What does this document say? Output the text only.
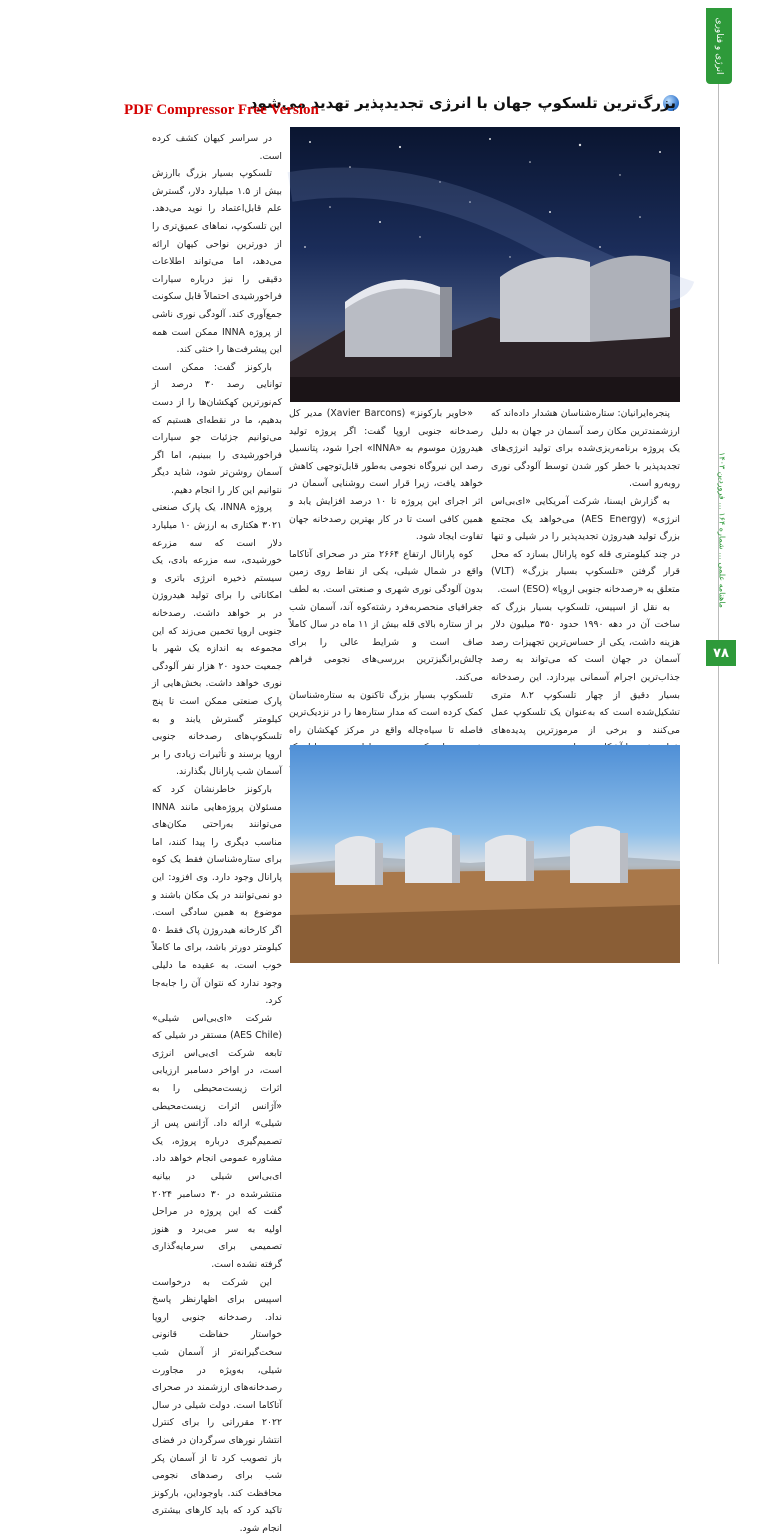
انرژی و فناوری
ماهنامه علمی ... شماره ۱۶۴ ... فروردین ۱۴۰۳
۷۸
بزرگ‌ترین تلسکوپ جهان با انرژی تجدیدپذیر تهدید می‌شود
PDF Compressor Free Version

پنجره‌ایرانیان: ستاره‌شناسان هشدار داده‌اند که ارزشمندترین مکان رصد آسمان در جهان به دلیل یک پروژه برنامه‌ریزی‌شده برای تولید انرژی‌های تجدیدپذیر با خطر کور شدن توسط آلودگی نوری روبه‌رو است.

به گزارش ایسنا، شرکت آمریکایی «ای‌بی‌اس انرژی» (AES Energy) می‌خواهد یک مجتمع بزرگ تولید هیدروژن تجدیدپذیر را در شیلی و تنها در چند کیلومتری قله کوه پارانال بسازد که محل قرار گرفتن «تلسکوپ بسیار بزرگ» (VLT) متعلق به «رصدخانه جنوبی اروپا» (ESO) است.

به نقل از اسپیس، تلسکوپ بسیار بزرگ که ساخت آن در دهه ۱۹۹۰ حدود ۳۵۰ میلیون دلار هزینه داشت، یکی از حساس‌ترین تجهیزات رصد آسمان در جهان است که می‌تواند به رصد جذاب‌ترین اجرام آسمانی بپردازد. این رصدخانه بسیار دقیق از چهار تلسکوپ ۸.۲ متری تشکیل‌شده است که به‌عنوان یک تلسکوپ عمل می‌کنند و برخی از مرموزترین پدیده‌های

«خاویر بارکونز» (Xavier Barcons) مدیر کل رصدخانه جنوبی اروپا گفت: اگر پروژه تولید هیدروژن موسوم به «INNA» اجرا شود، پتانسیل رصد این نیروگاه نجومی به‌طور قابل‌توجهی کاهش خواهد یافت، زیرا قرار است روشنایی آسمان در اثر اجرای این پروژه تا ۱۰ درصد افزایش یابد و همین کافی است تا در کار بهترین رصدخانه جهان تفاوت ایجاد شود.

کوه پارانال ارتفاع ۲۶۶۴ متر در صحرای آتاکاما واقع در شمال شیلی، یکی از نقاط روی زمین بدون آلودگی نوری شهری و صنعتی است. به لطف جغرافیای منحصربه‌فرد رشته‌کوه آند، آسمان شب بر از ستاره بالای قله بیش از ۱۱ ماه در سال کاملاً صاف است و شرایط عالی را برای چالش‌برانگیزترین بررسی‌های نجومی فراهم می‌کند.

تلسکوپ بسیار بزرگ تاکنون به ستاره‌شناسان کمک کرده است که مدار ستاره‌ها را در نزدیک‌ترین فاصله تا سیاه‌چاله واقع در مرکز کهکشان راه

در سراسر کیهان کشف کرده است.

تلسکوپ بسیار بزرگ باارزش بیش از ۱.۵ میلیارد دلار، گسترش علم قابل‌اعتماد را نوید می‌دهد. این تلسکوپ، نماهای عمیق‌تری را از دورترین نواحی کیهان ارائه می‌دهد، اما می‌تواند اطلاعات دقیقی را نیز درباره سیارات فراخورشیدی احتمالاً قابل سکونت جمع‌آوری کند. آلودگی نوری ناشی از پروژه INNA ممکن است همه این پیشرفت‌ها را خنثی کند.

بارکونز گفت: ممکن است توانایی رصد ۳۰ درصد از کم‌نورترین کهکشان‌ها را از دست بدهیم، ما در نقطه‌ای هستیم که می‌توانیم جزئیات جو سیارات فراخورشیدی را ببینیم، اما اگر آسمان روشن‌تر شود، شاید دیگر نتوانیم این کار را انجام دهیم.

پروژه INNA، یک پارک صنعتی ۳۰۲۱ هکتاری به ارزش ۱۰ میلیارد دلار است که سه مزرعه خورشیدی، سه مزرعه بادی، یک سیستم ذخیره انرژی باتری و امکاناتی را برای تولید هیدروژن در بر خواهد داشت. رصدخانه جنوبی اروپا تخمین می‌زند که این مجموعه به اندازه یک شهر با جمعیت حدود ۲۰ هزار نفر آلودگی نوری خواهد داشت. بخش‌هایی از پارک صنعتی ممکن است تا پنج کیلومتر گسترش یابند و به تلسکوپ‌های رصدخانه جنوبی اروپا برسند و تأثیرات زیادی را بر آسمان شب پارانال بگذارند.

بارکونز خاطرنشان کرد که مسئولان پروژه‌هایی مانند INNA می‌توانند به‌راحتی مکان‌های مناسب دیگری را پیدا کنند، اما برای ستاره‌شناسان فقط یک کوه پارانال وجود دارد. وی افزود: این دو نمی‌توانند در یک مکان باشند و موضوع به همین سادگی است. اگر کارخانه هیدروژن پاک فقط ۵۰ کیلومتر دورتر باشد، برای ما کاملاً خوب است. به عقیده ما دلیلی وجود ندارد که نتوان آن را جابه‌جا کرد.

شرکت «ای‌بی‌اس شیلی» (AES Chile) مستقر در شیلی که تابعه شرکت ای‌بی‌اس انرژی است، در اواخر دسامبر ارزیابی اثرات زیست‌محیطی را به «آژانس اثرات زیست‌محیطی شیلی» ارائه داد. آژانس پس از تصمیم‌گیری درباره پروژه، یک مشاوره عمومی انجام خواهد داد. ای‌بی‌اس شیلی در بیانیه منتشرشده در ۳۰ دسامبر ۲۰۲۴ گفت که این پروژه در مراحل اولیه به سر می‌برد و هنوز تصمیمی برای سرمایه‌گذاری گرفته نشده است.

این شرکت به درخواست اسپیس برای اظهارنظر پاسخ نداد. رصدخانه جنوبی اروپا خواستار حفاظت قانونی سخت‌گیرانه‌تر از آسمان شب شیلی، به‌ویژه در مجاورت رصدخانه‌های ارزشمند در صحرای آتاکاما است. دولت شیلی در سال ۲۰۲۲ مقرراتی را برای کنترل انتشار نورهای سرگردان در فضای باز تصویب کرد تا از آسمان پکر شب برای رصدهای نجومی محافظت کند. باوجوداین، بارکونز تاکید کرد که باید کارهای بیشتری انجام شود.
